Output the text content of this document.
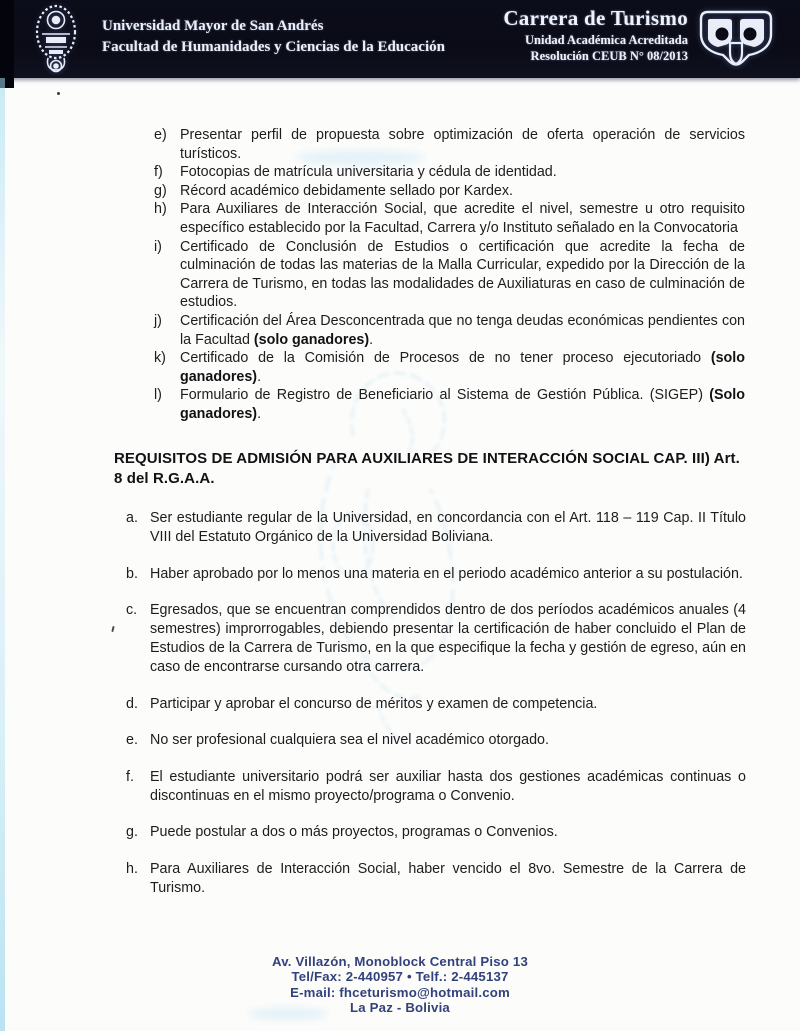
Universidad Mayor de San Andrés
Facultad de Humanidades y Ciencias de la Educación
Carrera de Turismo
Unidad Académica Acreditada
Resolución CEUB N° 08/2013
e) Presentar perfil de propuesta sobre optimización de oferta operación de servicios turísticos.
f)	Fotocopias de matrícula universitaria y cédula de identidad.
g) Récord académico debidamente sellado por Kardex.
h) Para Auxiliares de Interacción Social, que acredite el nivel, semestre u otro requisito específico establecido por la Facultad, Carrera y/o Instituto señalado en la Convocatoria
i)	Certificado de Conclusión de Estudios o certificación que acredite la fecha de culminación de todas las materias de la Malla Curricular, expedido por la Dirección de la Carrera de Turismo, en todas las modalidades de Auxiliaturas en caso de culminación de estudios.
j)	Certificación del Área Desconcentrada que no tenga deudas económicas pendientes con la Facultad (solo ganadores).
k) Certificado de la Comisión de Procesos de no tener proceso ejecutoriado (solo ganadores).
l)	Formulario de Registro de Beneficiario al Sistema de Gestión Pública. (SIGEP) (Solo ganadores).
REQUISITOS DE ADMISIÓN PARA AUXILIARES DE INTERACCIÓN SOCIAL CAP. III) Art.
8 del R.G.A.A.
a. Ser estudiante regular de la Universidad, en concordancia con el Art. 118 – 119 Cap. II Título VIII del Estatuto Orgánico de la Universidad Boliviana.
b. Haber aprobado por lo menos una materia en el periodo académico anterior a su postulación.
c. Egresados, que se encuentran comprendidos dentro de dos períodos académicos anuales (4 semestres) improrrogables, debiendo presentar la certificación de haber concluido el Plan de Estudios de la Carrera de Turismo, en la que especifique la fecha y gestión de egreso, aún en caso de encontrarse cursando otra carrera.
d. Participar y aprobar el concurso de méritos y examen de competencia.
e. No ser profesional cualquiera sea el nivel académico otorgado.
f.	El estudiante universitario podrá ser auxiliar hasta dos gestiones académicas continuas o discontinuas en el mismo proyecto/programa o Convenio.
g. Puede postular a dos o más proyectos, programas o Convenios.
h. Para Auxiliares de Interacción Social, haber vencido el 8vo. Semestre de la Carrera de Turismo.
Av. Villazón, Monoblock Central Piso 13
Tel/Fax: 2-440957 • Telf.: 2-445137
E-mail: fhceturismo@hotmail.com
La Paz - Bolivia
